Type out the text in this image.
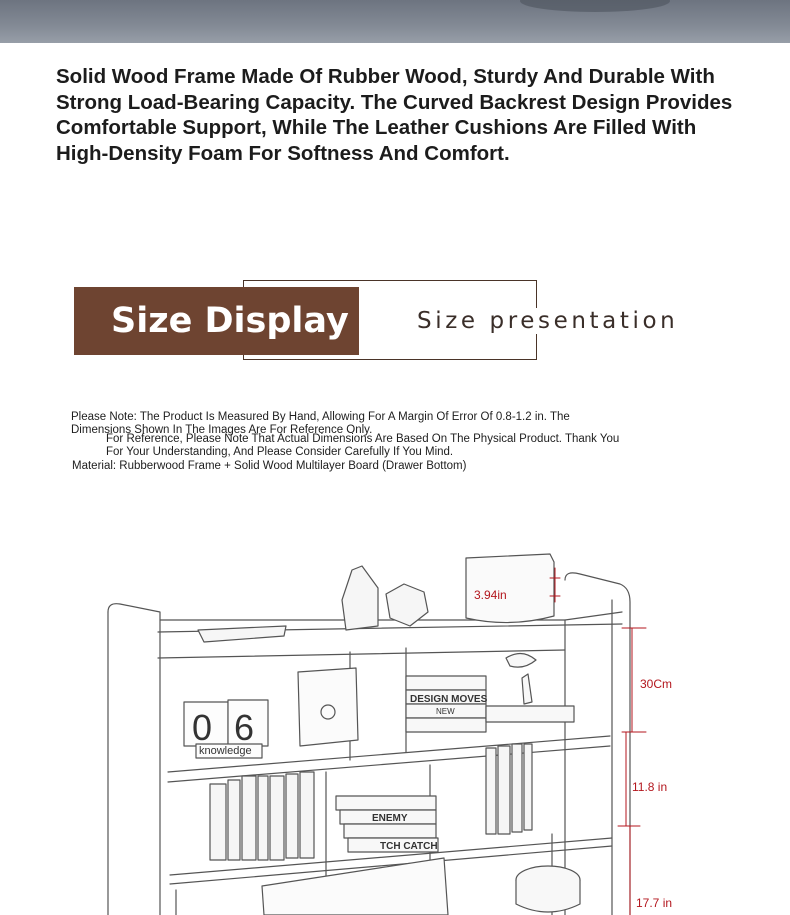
Solid Wood Frame Made Of Rubber Wood, Sturdy And Durable With Strong Load-Bearing Capacity. The Curved Backrest Design Provides Comfortable Support, While The Leather Cushions Are Filled With High-Density Foam For Softness And Comfort.

Size Display	Size presentation

Please Note: The Product Is Measured By Hand, Allowing For A Margin Of Error Of 0.8-1.2 in. The Dimensions Shown In The Images Are For Reference Only.

For Reference, Please Note That Actual Dimensions Are Based On The Physical Product. Thank You For Your Understanding, And Please Consider Carefully If You Mind.

Material: Rubberwood Frame + Solid Wood Multilayer Board (Drawer Bottom)

0 6
knowledge
DESIGN MOVES
NEW
ENEMY
TCH CATCH
3.94in
30Cm
11.8 in
17.7 in
